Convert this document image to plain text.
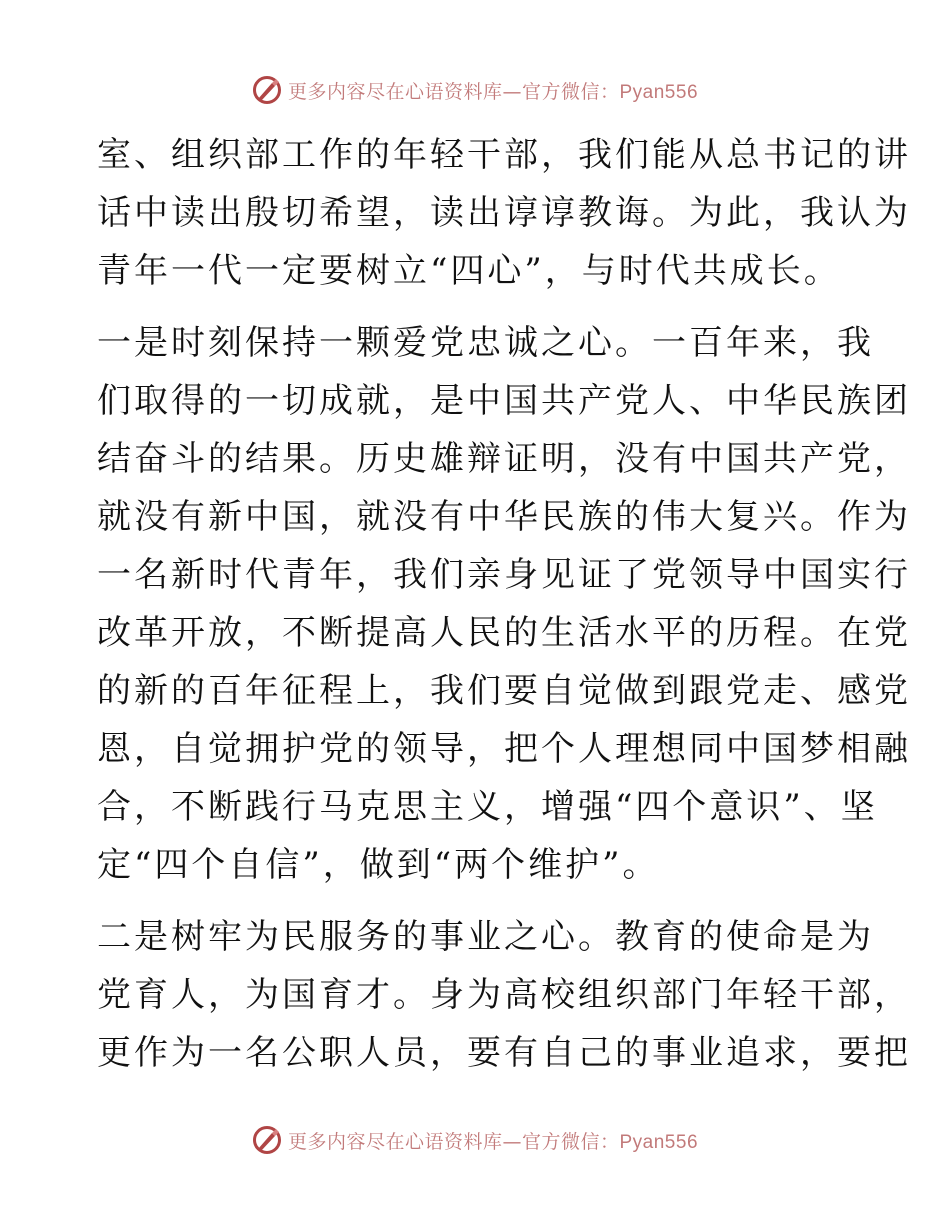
更多内容尽在心语资料库—官方微信：Pyan556
室、组织部工作的年轻干部，我们能从总书记的讲
话中读出殷切希望，读出谆谆教诲。为此，我认为
青年一代一定要树立“四心”，与时代共成长。
一是时刻保持一颗爱党忠诚之心。一百年来，我
们取得的一切成就，是中国共产党人、中华民族团
结奋斗的结果。历史雄辩证明，没有中国共产党，
就没有新中国，就没有中华民族的伟大复兴。作为
一名新时代青年，我们亲身见证了党领导中国实行
改革开放，不断提高人民的生活水平的历程。在党
的新的百年征程上，我们要自觉做到跟党走、感党
恩，自觉拥护党的领导，把个人理想同中国梦相融
合，不断践行马克思主义，增强“四个意识”、坚
定“四个自信”，做到“两个维护”。
二是树牢为民服务的事业之心。教育的使命是为
党育人，为国育才。身为高校组织部门年轻干部，
更作为一名公职人员，要有自己的事业追求，要把
更多内容尽在心语资料库—官方微信：Pyan556
